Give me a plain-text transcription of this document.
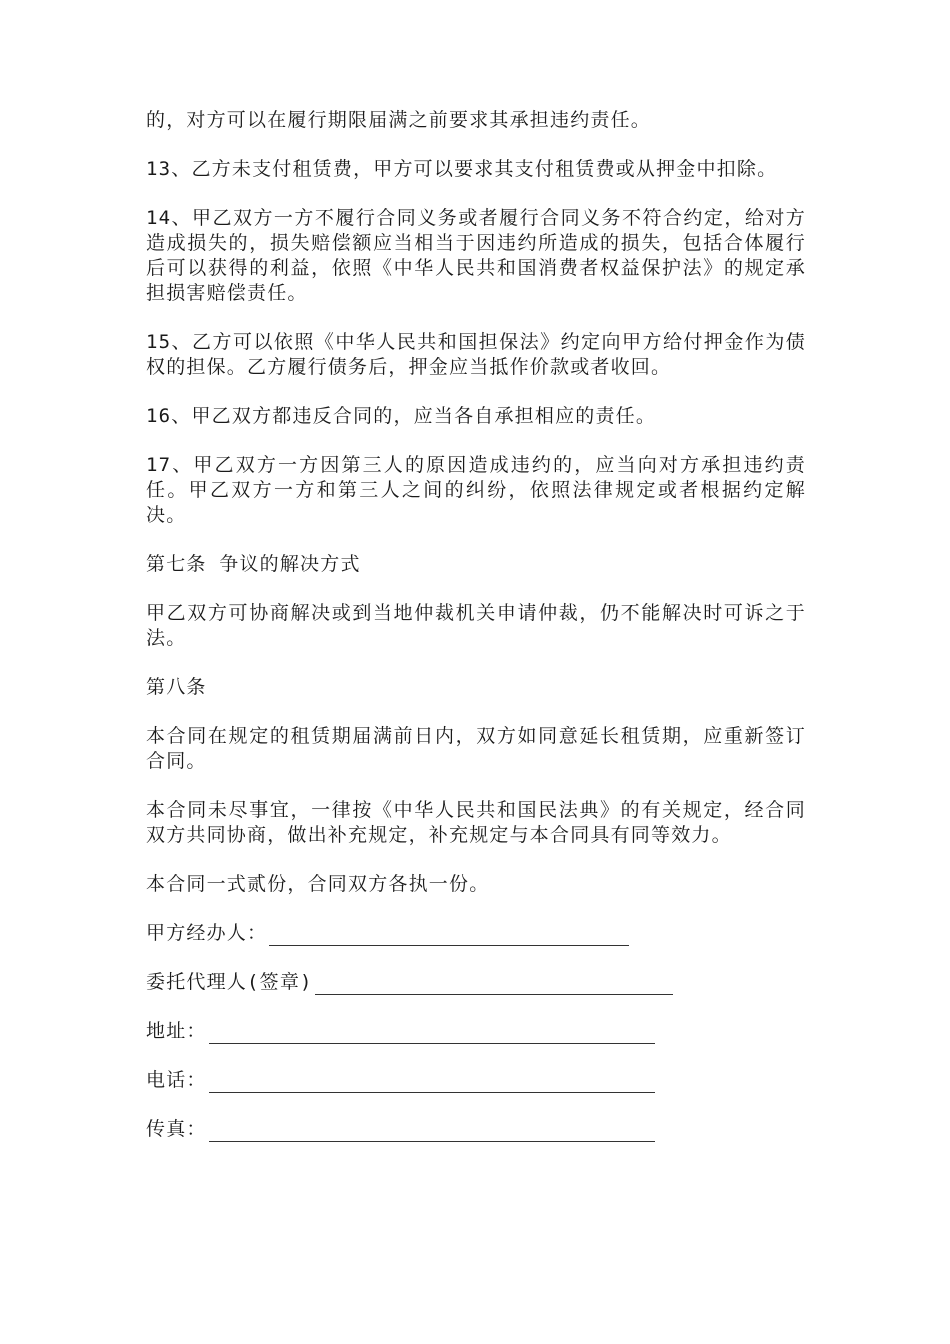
的，对方可以在履行期限届满之前要求其承担违约责任。

13、乙方未支付租赁费，甲方可以要求其支付租赁费或从押金中扣除。

14、甲乙双方一方不履行合同义务或者履行合同义务不符合约定，给对方造成损失的，损失赔偿额应当相当于因违约所造成的损失，包括合体履行后可以获得的利益，依照《中华人民共和国消费者权益保护法》的规定承担损害赔偿责任。

15、乙方可以依照《中华人民共和国担保法》约定向甲方给付押金作为债权的担保。乙方履行债务后，押金应当抵作价款或者收回。

16、甲乙双方都违反合同的，应当各自承担相应的责任。

17、甲乙双方一方因第三人的原因造成违约的，应当向对方承担违约责任。甲乙双方一方和第三人之间的纠纷，依照法律规定或者根据约定解决。

第七条 争议的解决方式

甲乙双方可协商解决或到当地仲裁机关申请仲裁，仍不能解决时可诉之于法。

第八条

本合同在规定的租赁期届满前日内，双方如同意延长租赁期，应重新签订合同。

本合同未尽事宜，一律按《中华人民共和国民法典》的有关规定，经合同双方共同协商，做出补充规定，补充规定与本合同具有同等效力。

本合同一式贰份，合同双方各执一份。

甲方经办人：
委托代理人(签章)
地址：
电话：
传真：
